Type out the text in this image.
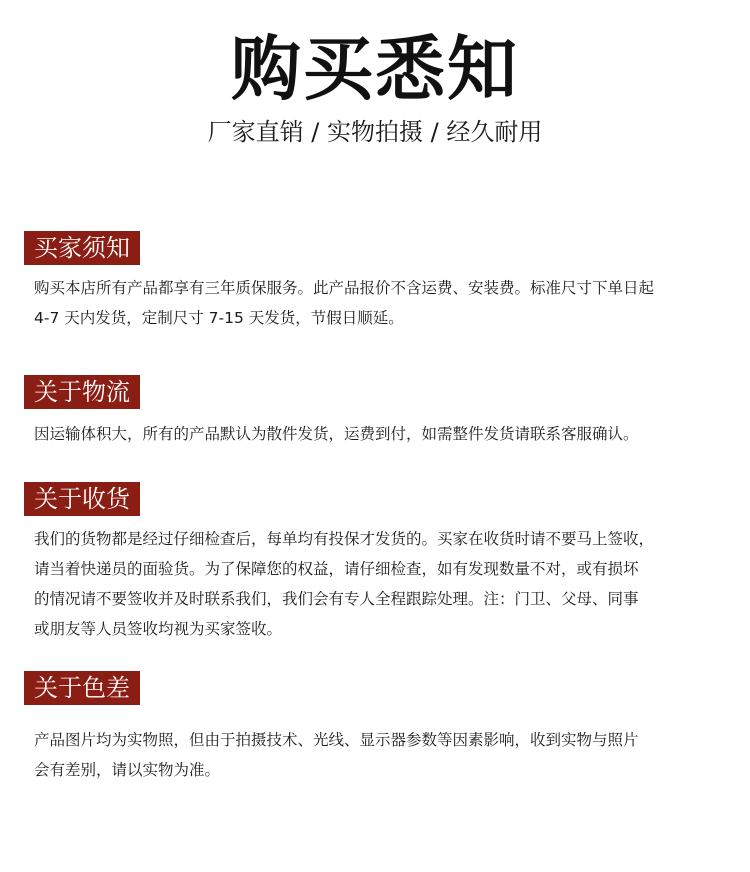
购买悉知
厂家直销 / 实物拍摄 / 经久耐用
买家须知
购买本店所有产品都享有三年质保服务。此产品报价不含运费、安装费。标准尺寸下单日起
4-7 天内发货，定制尺寸 7-15 天发货，节假日顺延。
关于物流
因运输体积大，所有的产品默认为散件发货，运费到付，如需整件发货请联系客服确认。
关于收货
我们的货物都是经过仔细检查后，每单均有投保才发货的。买家在收货时请不要马上签收，
请当着快递员的面验货。为了保障您的权益，请仔细检查，如有发现数量不对，或有损坏
的情况请不要签收并及时联系我们，我们会有专人全程跟踪处理。注：门卫、父母、同事
或朋友等人员签收均视为买家签收。
关于色差
产品图片均为实物照，但由于拍摄技术、光线、显示器参数等因素影响，收到实物与照片
会有差别，请以实物为准。
